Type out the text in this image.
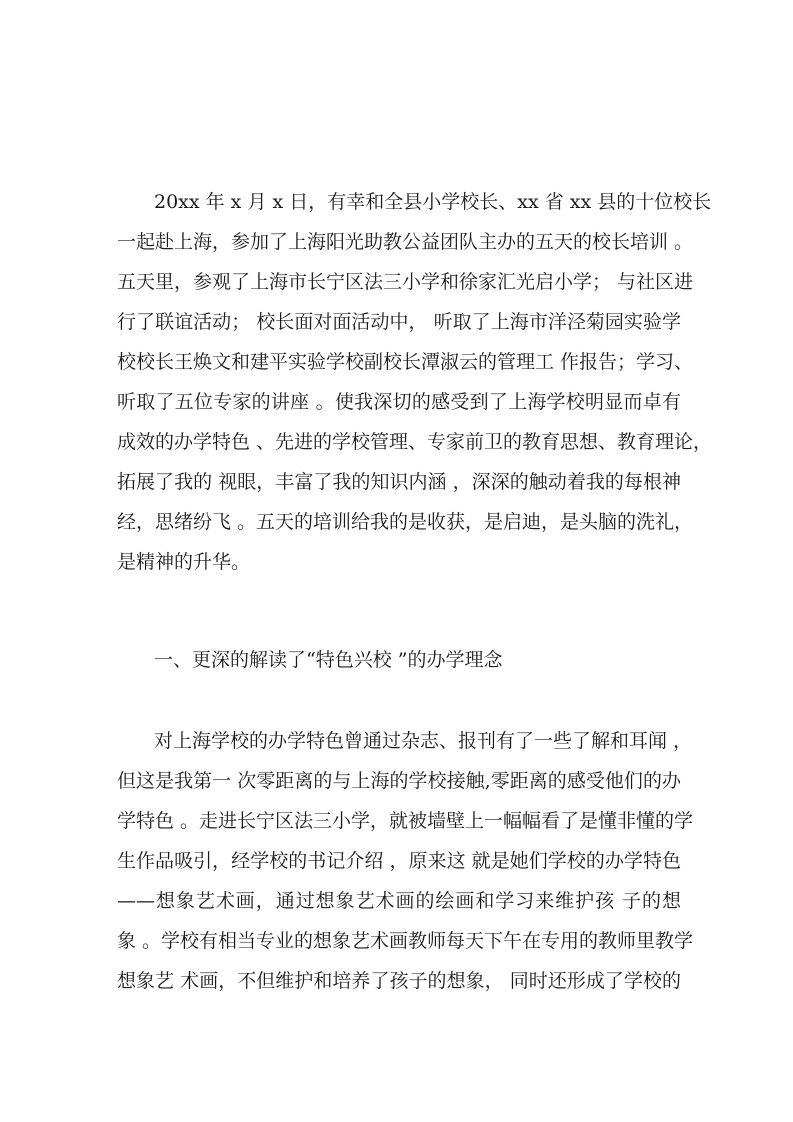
20xx 年 x 月 x 日，有幸和全县小学校长、xx 省 xx 县的十位校长
一起赴上海，参加了上海阳光助教公益团队主办的五天的校长培训 。
五天里，参观了上海市长宁区法三小学和徐家汇光启小学； 与社区进
行了联谊活动； 校长面对面活动中， 听取了上海市洋泾菊园实验学
校校长王焕文和建平实验学校副校长潭淑云的管理工 作报告；学习、
听取了五位专家的讲座 。使我深切的感受到了上海学校明显而卓有
成效的办学特色 、先进的学校管理、专家前卫的教育思想、教育理论，
拓展了我的 视眼，丰富了我的知识内涵 ，深深的触动着我的每根神
经，思绪纷飞 。五天的培训给我的是收获，是启迪，是头脑的洗礼，
是精神的升华。
一、更深的解读了“特色兴校 ”的办学理念
对上海学校的办学特色曾通过杂志、报刊有了一些了解和耳闻 ，
但这是我第一 次零距离的与上海的学校接触,零距离的感受他们的办
学特色 。走进长宁区法三小学，就被墙壁上一幅幅看了是懂非懂的学
生作品吸引，经学校的书记介绍 ，原来这 就是她们学校的办学特色
——想象艺术画，通过想象艺术画的绘画和学习来维护孩 子的想
象 。学校有相当专业的想象艺术画教师每天下午在专用的教师里教学
想象艺 术画，不但维护和培养了孩子的想象， 同时还形成了学校的
